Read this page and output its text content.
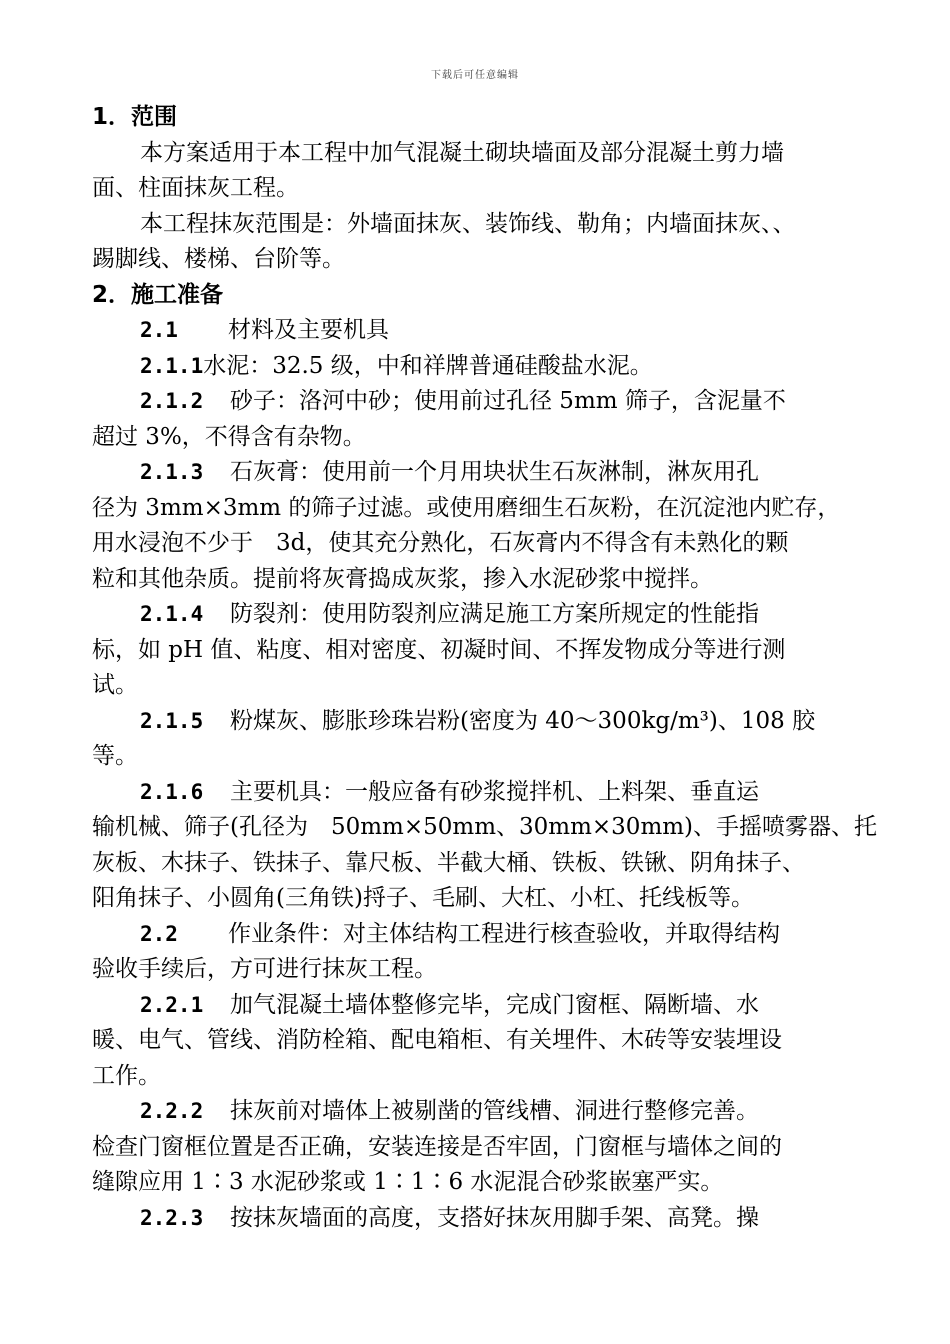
下载后可任意编辑
1．范围
本方案适用于本工程中加气混凝土砌块墙面及部分混凝土剪力墙
面、柱面抹灰工程。
本工程抹灰范围是：外墙面抹灰、装饰线、勒角；内墙面抹灰、、
踢脚线、楼梯、台阶等。
2．施工准备
2.1 材料及主要机具
2.1.1水泥：32.5 级，中和祥牌普通硅酸盐水泥。
2.1.2 砂子：洛河中砂；使用前过孔径 5mm 筛子，含泥量不
超过 3%，不得含有杂物。
2.1.3 石灰膏：使用前一个月用块状生石灰淋制，淋灰用孔
径为 3mm×3mm 的筛子过滤。或使用磨细生石灰粉，在沉淀池内贮存，
用水浸泡不少于　3d，使其充分熟化，石灰膏内不得含有未熟化的颗
粒和其他杂质。提前将灰膏捣成灰浆，掺入水泥砂浆中搅拌。
2.1.4 防裂剂：使用防裂剂应满足施工方案所规定的性能指
标，如 pH 值、粘度、相对密度、初凝时间、不挥发物成分等进行测
试。
2.1.5 粉煤灰、膨胀珍珠岩粉(密度为 40～300kg/m³)、108 胶
等。
2.1.6 主要机具：一般应备有砂浆搅拌机、上料架、垂直运
输机械、筛子(孔径为　50mm×50mm、30mm×30mm)、手摇喷雾器、托
灰板、木抹子、铁抹子、靠尺板、半截大桶、铁板、铁锹、阴角抹子、
阳角抹子、小圆角(三角铁)捋子、毛刷、大杠、小杠、托线板等。
2.2 作业条件：对主体结构工程进行核查验收，并取得结构
验收手续后，方可进行抹灰工程。
2.2.1 加气混凝土墙体整修完毕，完成门窗框、隔断墙、水
暖、电气、管线、消防栓箱、配电箱柜、有关埋件、木砖等安装埋设
工作。
2.2.2 抹灰前对墙体上被剔凿的管线槽、洞进行整修完善。
检查门窗框位置是否正确，安装连接是否牢固，门窗框与墙体之间的
缝隙应用 1∶3 水泥砂浆或 1∶1∶6 水泥混合砂浆嵌塞严实。
2.2.3 按抹灰墙面的高度，支搭好抹灰用脚手架、高凳。操
